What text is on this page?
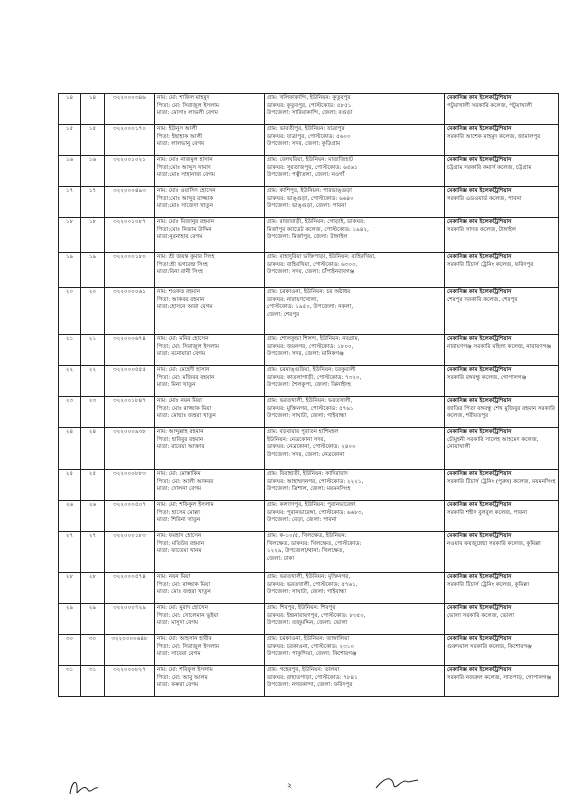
১৪	১৪	৩২২০০০৩৪৬	নাম: মো: শাকিল মাহমুদ
পিতা: মো: সিরাজুল ইসলাম
মাতা: মোসাঃ লাভলী বেগম	গ্রাম: খলিফাকান্দি, ইউনিয়ন: কুতুবপুর
ডাকঘর: কুতুবপুর, পোস্টকোড: ৫৮৫১
উপজেলা: সারিয়াকান্দি, জেলা: বগুড়া	মেকানিক্স কাম ইলেকট্রিশিয়ান
পটুয়াখালী সরকারি কলেজ, পটুয়াখালী

১৫	১৫	৩২২০০০১৭০	নাম: ইউনুস আলী
পিতা: ইছাহাক আলী
মাতা: লালভানু বেগম	গ্রাম: ভাবতীপুর, ইউনিয়ন: যাত্রাপুর
ডাকঘর: যাত্রাপুর, পোস্টকোড: ৫৬০০
উপজেলা: সদর, জেলা: কুড়িগ্রাম	মেকানিক্স কাম ইলেকট্রিশিয়ান
সরকারি আশেক মাহমুদ কলেজ, জামালপুর

১৬	১৬	৩২২০০১০২১	নাম: মোঃ নাজমুল হাসান
পিতা:মোঃ আব্দুস সামাদ
মাতা:মোঃ সাহানাজ বেগম	গ্রাম: বেলঘরিয়া, ইউনিয়ন: মাতাজিহাট
ডাকঘর: সুরতাজপুর, পোস্টকোড: ৬৫৬১
উপজেলা: পত্নীতলা, জেলা: নওগাঁ	মেকানিক্স কাম ইলেকট্রিশিয়ান
চট্টগ্রাম সরকারি কমার্স কলেজ, চট্টগ্রাম

১৭	১৭	৩২২০০০৪৯৩	নাম: মোঃ ওয়াসিদ হোসেন
পিতা:মোঃ আব্দুর রাজ্জাক
মাতা:মোঃ সাজেদা খাতুন	গ্রাম: কাশিপুর, ইউনিয়ন: পারভাঙ্গুড়া
ডাকঘর: ভাঙ্গুড়া, পোস্টকোড: ৬৬৪০
উপজেলা: ভাঙ্গুড়া, জেলা: পাবনা	মেকানিক্স কাম ইলেকট্রিশিয়ান
সরকারি এডওয়ার্ড কলেজ, পাবনা

১৮	১৮	৩২২০০১০৮৭	নাম: মোঃ মিজানুর রহমান
পিতা:মোঃ নিজাম উদ্দিন
মাতা:নুরনাহার বেগম	গ্রাম: রাজাবাড়ী, ইউনিয়ন: গোড়াই, ডাকঘর:
মির্জাপুর ক্যাডেট কলেজ, পোস্টকোড: ১৯৪২,
উপজেলা: মির্জাপুর, জেলা: টাঙ্গাইল	মেকানিক্স কাম ইলেকট্রিশিয়ান
সরকারি সাদত কলেজ, টাঙ্গাইল

১৯	১৯	৩২২০০০১৮০	নাম: শ্রী জয়ন্ত কুমার সিংহ
পিতা:শ্রী ভগবেন্দ্র সিংহ
মাতা:বিনা রানী সিংহ	গ্রাম: বাহাদুরিয়া ভক্তিপাড়া, ইউনিয়ন: বাহিরখিয়া,
ডাকঘর: বাহিরখিয়া, পোস্টকোড: ৬৩০০,
উপজেলা: সদর, জেলা: চাঁপাইনবাবগঞ্জ	মেকানিক্স কাম ইলেকট্রিশিয়ান
সরকারি টিচার্স ট্রেনিং কলেজ, ফরিদপুর

২০	২০	৩২২০০০০৬১	নাম: শওকত রহমান
পিতা: আকবর রহমান
মাতা:হোসনে আরা বেগম	গ্রাম: চরকাওনা, ইউনিয়ন: চর অষ্টাধর
ডাকঘর: নারায়ণখোলা,
পোস্টকোড: ১৯৫০, উপজেলা: নকলা,
জেলা: শেরপুর	মেকানিক্স কাম ইলেকট্রিশিয়ান
শেরপুর সরকারি কলেজ, শেরপুর

২১	২১	৩২২০০০৬৭৪	নাম: মো: মনির হোসেন
পিতা: মো: সিরাজুল ইসলাম
মাতা: মনোয়ারা বেগম	গ্রাম: শোলকুন্ডা শিলন্দ, ইউনিয়ন: নবগ্রাম,
ডাকঘর: জয়নগর, পোস্টকোড: ১৮০০,
উপজেলা: সদর, জেলা: মানিকগঞ্জ	মেকানিক্স কাম ইলেকট্রিশিয়ান
নারায়ণগঞ্জ সরকারি মহিলা কলেজ, নারায়ণগঞ্জ

২২	২২	৩২২০০০৫৫৫	নাম: মো: মেহেদী হাসান
পিতা: মো: মজিবর রহমান
মাতা: মিনা খাতুন	গ্রাম: চরমাঙ্গুরিয়া, ইউনিয়ন: চরকুরালী
ডাকঘর: কাতলাগাড়ী, পোস্টকোড: ৭৩২০,
উপজেলা: শৈলকুপা, জেলা: ঝিনাইদহ	মেকানিক্স কাম ইলেকট্রিশিয়ান
সরকারি বঙ্গবন্ধু কলেজ, গোপালগঞ্জ

২৩	২৩	৩২২০০১৮৪৭	নাম: মোঃ নয়ন মিয়া
পিতা: মোঃ রাজ্জাক মিয়া
মাতা: মোছাঃ জহুরা খাতুন	গ্রাম: ভরতখালী, ইউনিয়ন: ভরতখালী,
ডাকঘর: মুক্তিনগর, পোস্টকোড: ৫৭৬১
উপজেলা: সাঘাটা, জেলা: গাইবান্ধা	মেকানিক্স কাম ইলেকট্রিশিয়ান
জাতির পিতা বঙ্গবন্ধু শেখ মুজিবুর রহমান সরকারি কলেজ, শরীয়তপুর

২৪	২৪	৩২২০০০৯৩৮	নাম: আব্দুল্লাহ রহমান
পিতা: হাবিবুর রহমান
মাতা: রাবেয়া আক্তার	গ্রাম: বড়বারার পুরাতন হাশিমহল
ইউনিয়ন: নেত্রকোনা সদর,
ডাকঘর: নেত্রকোনা, পোস্টকোড: ২৪০০
উপজেলা: সদর, জেলা: নেত্রকোনা	মেকানিক্স কাম ইলেকট্রিশিয়ান
চৌমুহনী সরকারি সালেহ আহমেদ কলেজ, নোয়াখালী

২৫	২৫	৩২২০০০৮৮৩	নাম: মো: মোস্তাকিম
পিতা: মো: আলী আকবর
মাতা: দোলনা বেগম	গ্রাম: বিরাহাতী, ইউনিয়ন: কাদিরাবাদ
ডাকঘর: আহাম্মদনগর, পোস্টকোড: ২২২১,
উপজেলা: ত্রিশাল, জেলা: ময়মনসিংহ	মেকানিক্স কাম ইলেকট্রিশিয়ান
সরকারি টিচার্স ট্রেনিং (পুরুষ) কলেজ, ময়মনসিংহ

২৬	২৬	৩২২০০০৫০৭	নাম: মো: শফিকুল ইসলাম
পিতা: হাসেম মোল্লা
মাতা: শিরিনা খাতুন	গ্রাম: কল্যাণপুর, ইউনিয়ন: পুরানভারেঙ্গা
ডাকঘর: পুরানভারেঙ্গা, পোস্টকোড: ৬৬৮৩,
উপজেলা: বেড়া, জেলা: পাবনা	মেকানিক্স কাম ইলেকট্রিশিয়ান
সরকারি শহীদ বুলবুল কলেজ, পাবনা

২৭	২৭	৩২২০০০১৮৩	নাম: ফরহাদ হোসেন
পিতা: মতিউর রহমান
মাতা: ফাতেমা খানম	গ্রাম: ক-১০/৫, খিলক্ষেত, ইউনিয়ন:
খিলক্ষেত, ডাকঘর: খিলক্ষেত, পোস্টকোড:
১২২৯, উপজেলা/থানা: খিলক্ষেত,
জেলা: ঢাকা	মেকানিক্স কাম ইলেকট্রিশিয়ান
নওয়াব ফয়জুন্নেছা সরকারি কলেজ, কুমিল্লা

২৮	২৮	৩২২০০০৫৭৪	নাম: নয়ন মিয়া
পিতা: মো: রাজ্জাক মিয়া
মাতা: মোঃ জহুরা খাতুন	গ্রাম: ভরতখালী, ইউনিয়ন: মুক্তিনগর,
ডাকঘর: ভরতখালী, পোস্টকোড: ৫৭৬১,
উপজেলা: সাঘাটা, জেলা: গাইবান্ধা	মেকানিক্স কাম ইলেকট্রিশিয়ান
সরকারি টিচার্স ট্রেনিং কলেজ, কুমিল্লা

২৯	২৯	৩২২০০০৭২৯	নাম: মো: মুরাদ হোসেন
পিতা: মো: সোলেমান ভুইয়া
মাতা: মাসুদা বেগম	গ্রাম: শিবপুর, ইউনিয়ন: শিবপুর
ডাকঘর: ইন্দ্রনারায়ণপুর, পোস্টকোড: ৮৩৫০,
উপজেলা: তজুমদ্দিন, জেলা: ভোলা	মেকানিক্স কাম ইলেকট্রিশিয়ান
ভোলা সরকারি কলেজ, ভোলা

৩০	৩০	৩২২০০০০৬৪৮	নাম: মো: আহসান হাবীব
পিতা: মো: সিরাজুল ইসলাম
মাতা: সাবেরা বেগম	গ্রাম: চরকাওনা, ইউনিয়ন: জাঙ্গালিয়া
ডাকঘর: চরকাওনা, পোস্টকোড: ২৩১০
উপজেলা: পাকুন্দিয়া, জেলা: কিশোরগঞ্জ	মেকানিক্স কাম ইলেকট্রিশিয়ান
গুরুদয়াল সরকারি কলেজ, কিশোরগঞ্জ

৩১	৩১	৩২২০০০৮২৭	নাম: মো: শরিফুল ইসলাম
পিতা: মো: আবু আলম
মাতা: ফৰুরা বেগম	গ্রাম: গহেরপুর, ইউনিয়ন: তালমা
ডাকঘর: রাহাতপাড়া, পোস্টকোড: ৭৮৪১
উপজেলা: নগরকান্দা, জেলা: ফরিদপুর	মেকানিক্স কাম ইলেকট্রিশিয়ান
সরকারি নজরুল কলেজ, সাতপাড়, গোপালগঞ্জ
২
